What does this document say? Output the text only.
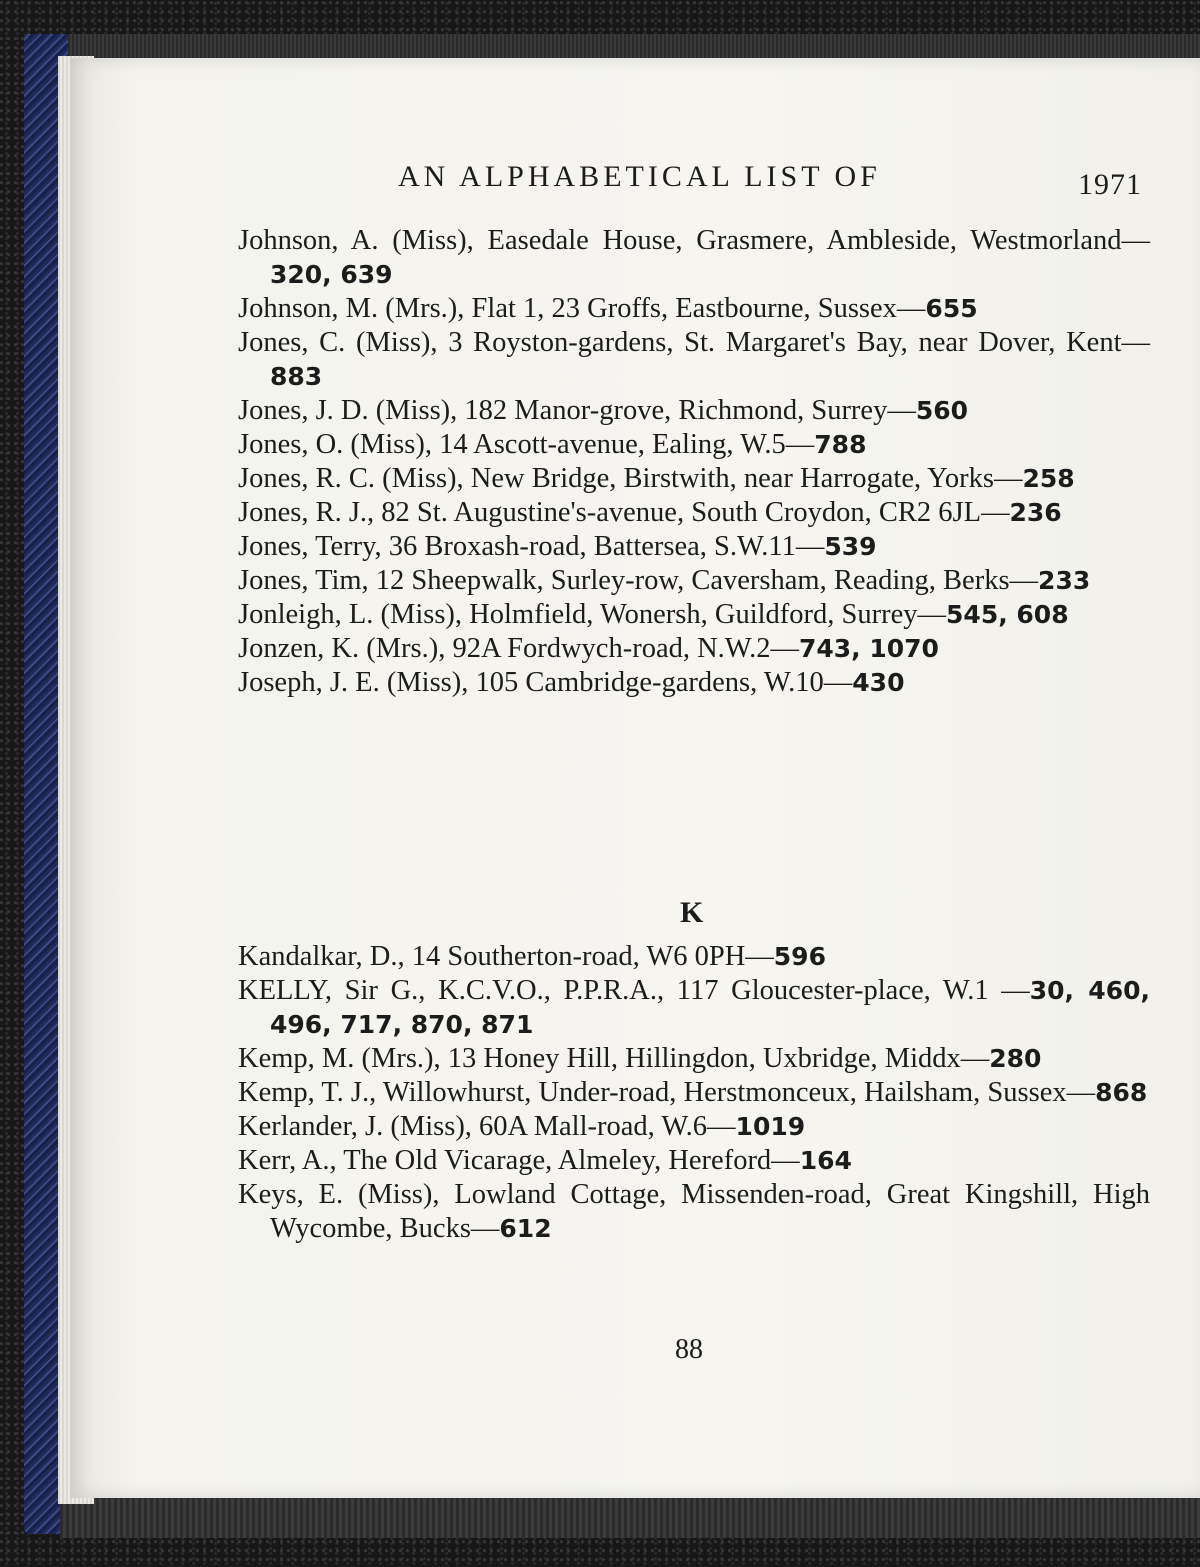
AN ALPHABETICAL LIST OF	1971
Johnson, A. (Miss), Easedale House, Grasmere, Ambleside, Westmorland—320, 639
Johnson, M. (Mrs.), Flat 1, 23 Groffs, Eastbourne, Sussex—655
Jones, C. (Miss), 3 Royston-gardens, St. Margaret's Bay, near Dover, Kent—883
Jones, J. D. (Miss), 182 Manor-grove, Richmond, Surrey—560
Jones, O. (Miss), 14 Ascott-avenue, Ealing, W.5—788
Jones, R. C. (Miss), New Bridge, Birstwith, near Harrogate, Yorks—258
Jones, R. J., 82 St. Augustine's-avenue, South Croydon, CR2 6JL—236
Jones, Terry, 36 Broxash-road, Battersea, S.W.11—539
Jones, Tim, 12 Sheepwalk, Surley-row, Caversham, Reading, Berks—233
Jonleigh, L. (Miss), Holmfield, Wonersh, Guildford, Surrey—545, 608
Jonzen, K. (Mrs.), 92A Fordwych-road, N.W.2—743, 1070
Joseph, J. E. (Miss), 105 Cambridge-gardens, W.10—430
K
Kandalkar, D., 14 Southerton-road, W6 0PH—596
KELLY, Sir G., K.C.V.O., P.P.R.A., 117 Gloucester-place, W.1 —30, 460, 496, 717, 870, 871
Kemp, M. (Mrs.), 13 Honey Hill, Hillingdon, Uxbridge, Middx—280
Kemp, T. J., Willowhurst, Under-road, Herstmonceux, Hailsham, Sussex—868
Kerlander, J. (Miss), 60A Mall-road, W.6—1019
Kerr, A., The Old Vicarage, Almeley, Hereford—164
Keys, E. (Miss), Lowland Cottage, Missenden-road, Great Kingshill, High Wycombe, Bucks—612
88
